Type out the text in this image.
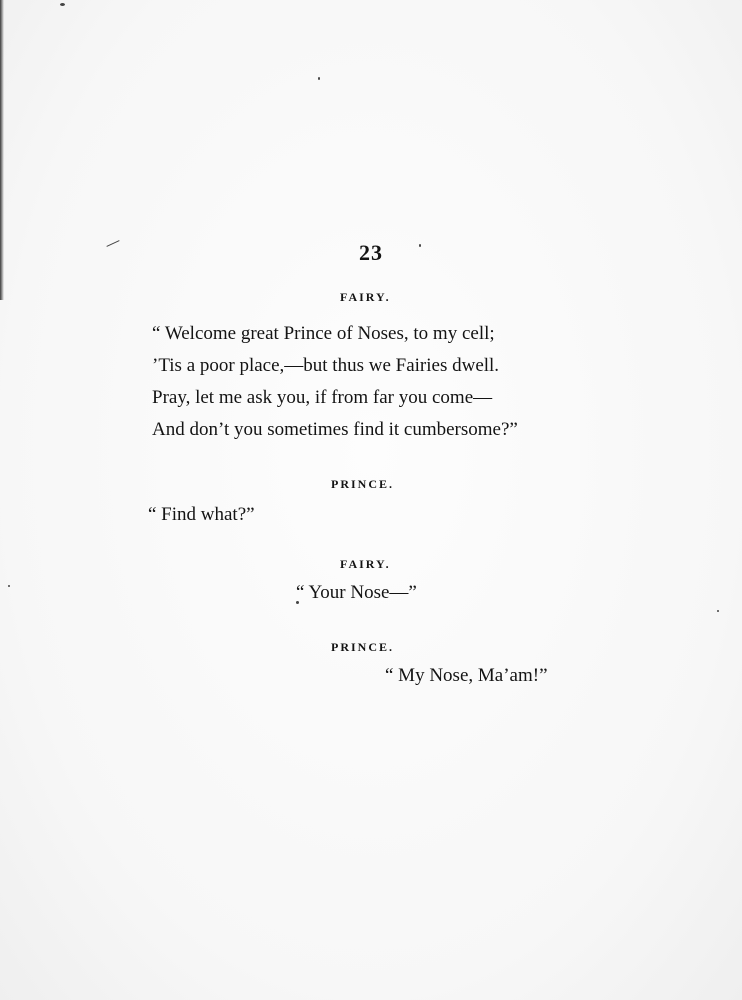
23
FAIRY.
“ Welcome great Prince of Noses, to my cell;
’Tis a poor place,—but thus we Fairies dwell.
Pray, let me ask you, if from far you come—
And don’t you sometimes find it cumbersome?”
PRINCE.
“ Find what?”
FAIRY.
“ Your Nose—”
PRINCE.
“ My Nose, Ma’am!”
